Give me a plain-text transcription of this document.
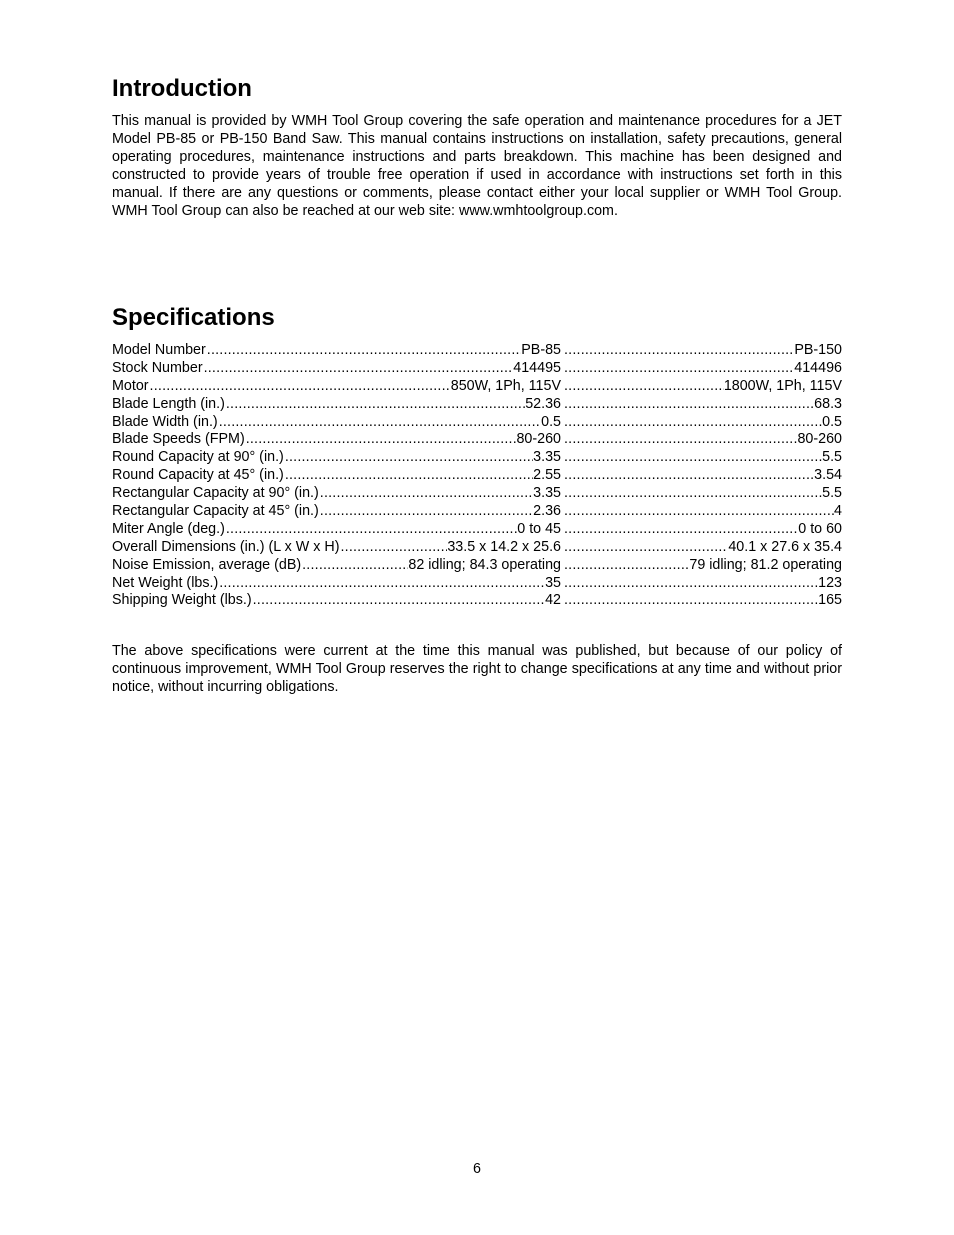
Introduction

This manual is provided by WMH Tool Group covering the safe operation and maintenance procedures for a JET Model PB-85 or PB-150 Band Saw. This manual contains instructions on installation, safety precautions, general operating procedures, maintenance instructions and parts breakdown. This machine has been designed and constructed to provide years of trouble free operation if used in accordance with instructions set forth in this manual. If there are any questions or comments, please contact either your local supplier or WMH Tool Group. WMH Tool Group can also be reached at our web site: www.wmhtoolgroup.com.

Specifications
Model Number .....	PB-85 .....	PB-150
Stock Number .....	414495 .....	414496
Motor .....	850W, 1Ph, 115V .....	1800W, 1Ph, 115V
Blade Length (in.) .....	52.36 .....	68.3
Blade Width (in.) .....	0.5 .....	0.5
Blade Speeds (FPM) .....	80-260 .....	80-260
Round Capacity at 90° (in.) .....	3.35 .....	5.5
Round Capacity at 45° (in.) .....	2.55 .....	3.54
Rectangular Capacity at 90° (in.) .....	3.35 .....	5.5
Rectangular Capacity at 45° (in.) .....	2.36 .....	4
Miter Angle (deg.) .....	0 to 45 .....	0 to 60
Overall Dimensions (in.) (L x W x H) .....	33.5 x 14.2 x 25.6 .....	40.1 x 27.6 x 35.4
Noise Emission, average (dB) .....	82 idling; 84.3 operating .....	79 idling; 81.2 operating
Net Weight (lbs.) .....	35 .....	123
Shipping Weight (lbs.) .....	42 .....	165

The above specifications were current at the time this manual was published, but because of our policy of continuous improvement, WMH Tool Group reserves the right to change specifications at any time and without prior notice, without incurring obligations.

6
